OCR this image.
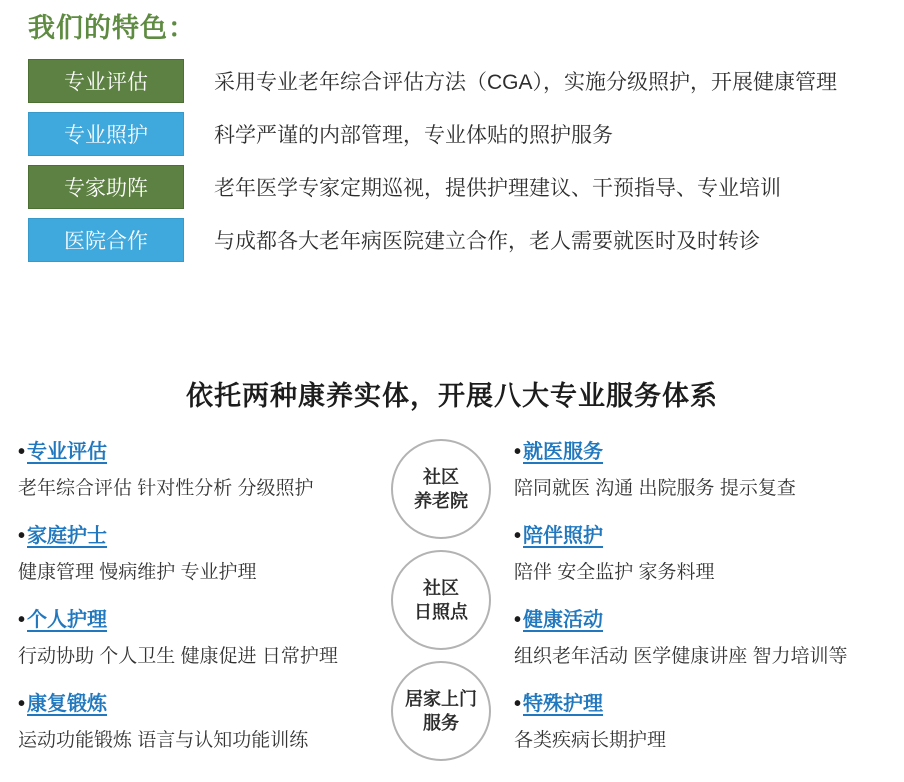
我们的特色：
专业评估	采用专业老年综合评估方法（CGA），实施分级照护，开展健康管理
专业照护	科学严谨的内部管理，专业体贴的照护服务
专家助阵	老年医学专家定期巡视，提供护理建议、干预指导、专业培训
医院合作	与成都各大老年病医院建立合作，老人需要就医时及时转诊
依托两种康养实体，开展八大专业服务体系
• 专业评估
老年综合评估 针对性分析 分级照护
• 家庭护士
健康管理 慢病维护 专业护理
• 个人护理
行动协助 个人卫生 健康促进 日常护理
• 康复锻炼
运动功能锻炼 语言与认知功能训练
社区
养老院
社区
日照点
居家上门
服务
• 就医服务
陪同就医 沟通 出院服务 提示复查
• 陪伴照护
陪伴 安全监护 家务料理
• 健康活动
组织老年活动 医学健康讲座 智力培训等
• 特殊护理
各类疾病长期护理
